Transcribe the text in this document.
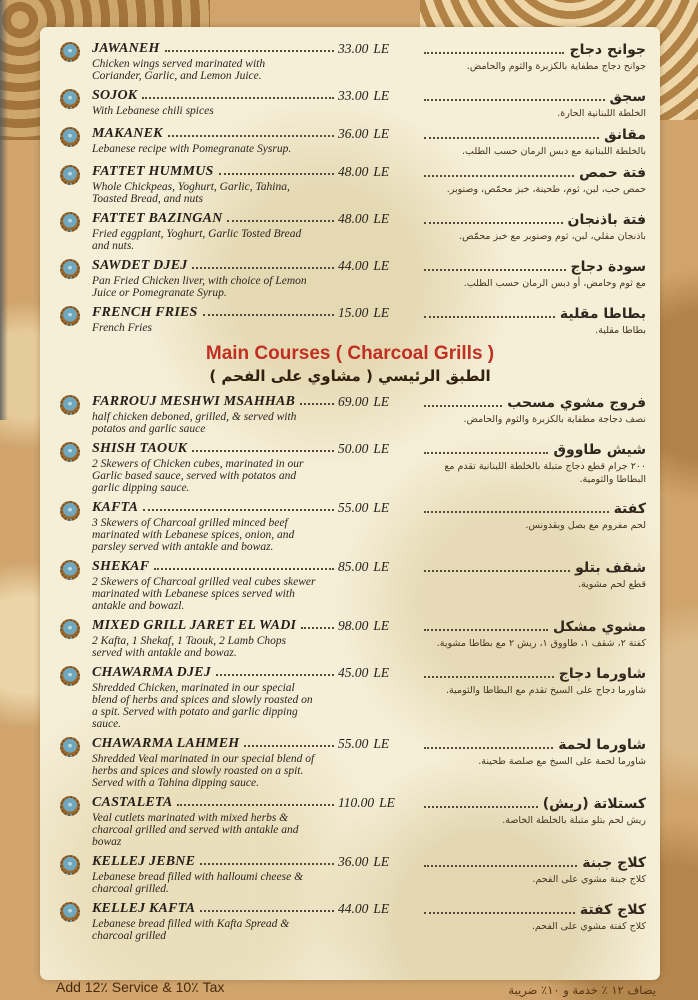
JAWANEH
Chicken wings served marinated with Coriander, Garlic, and Lemon Juice.
33.00 LE	جوانح دجاج
جوانح دجاج مطفاية بالكزبرة والثوم والحامض.
SOJOK
With Lebanese chili spices
33.00 LE	سجق
الخلطة اللبنانية الحارة.
MAKANEK
Lebanese recipe with Pomegranate Sysrup.
36.00 LE	مقانق
بالخلطة اللبنانية مع دبس الرمان حسب الطلب.
FATTET HUMMUS
Whole Chickpeas, Yoghurt, Garlic, Tahina, Toasted Bread, and nuts
48.00 LE	فتة حمص
حمص حب، لبن، ثوم، طحينة، خبز محمّص، وصنوبر.
FATTET BAZINGAN
Fried eggplant, Yoghurt, Garlic Tosted Bread and nuts.
48.00 LE	فتة باذنجان
باذنجان مقلي، لبن، ثوم وصنوبر مع خبز محمّص.
SAWDET DJEJ
Pan Fried Chicken liver, with choice of Lemon Juice or Pomegranate Syrup.
44.00 LE	سودة دجاج
مع ثوم وحامض، أو دبس الرمان حسب الطلب.
FRENCH FRIES
French Fries
15.00 LE	بطاطا مقلية
بطاطا مقلية.
Main Courses ( Charcoal Grills )
الطبق الرئيسي ( مشاوي على الفحم )
FARROUJ MESHWI MSAHHAB
half chicken deboned, grilled, & served with potatos and garlic sauce
69.00 LE	فروج مشوي مسحب
نصف دجاجة مطفاية بالكزبرة والثوم والحامض.
SHISH TAOUK
2 Skewers of Chicken cubes, marinated in our Garlic based sauce, served with potatos and garlic dipping sauce.
50.00 LE	شيش طاووق
٢٠٠ جرام قطع دجاج متبلة بالخلطة اللبنانية تقدم مع البطاطا والثومية.
KAFTA
3 Skewers of Charcoal grilled minced beef marinated with Lebanese spices, onion, and parsley served with antakle and bowaz.
55.00 LE	كفتة
لحم مفروم مع بصل وبقدونس.
SHEKAF
2 Skewers of Charcoal grilled veal cubes skewer marinated with Lebanese spices served with antakle and bowazl.
85.00 LE	شقف بتلو
قطع لحم مشوية.
MIXED GRILL JARET EL WADI
2 Kafta, 1 Shekaf, 1 Taouk, 2 Lamb Chops served with antakle and bowaz.
98.00 LE	مشوي مشكل
كفتة ٢، شقف ١، طاووق ١، ريش ٢ مع بطاطا مشوية.
CHAWARMA DJEJ
Shredded Chicken, marinated in our special blend of herbs and spices and slowly roasted on a spit. Served with potato and garlic dipping sauce.
45.00 LE	شاورما دجاج
شاورما دجاج على السيخ تقدم مع البطاطا والثومية.
CHAWARMA LAHMEH
Shredded Veal marinated in our special blend of herbs and spices and slowly roasted on a spit. Served with a Tahina dipping sauce.
55.00 LE	شاورما لحمة
شاورما لحمة على السيخ مع صلصة طحينة.
CASTALETA
Veal cutlets marinated with mixed herbs & charcoal grilled and served with antakle and bowaz
110.00 LE	كستلاتة (ريش)
ريش لحم بتلو متبلة بالخلطة الخاصة.
KELLEJ JEBNE
Lebanese bread filled with halloumi cheese & charcoal grilled.
36.00 LE	كلاج جبنة
كلاج جبنة مشوي على الفحم.
KELLEJ KAFTA
Lebanese bread filled with Kafta Spread & charcoal grilled
44.00 LE	كلاج كفتة
كلاج كفتة مشوي على الفحم.
Add 12٪ Service & 10٪ Tax	يضاف ١٢ ٪ خدمة و ١٠٪ ضريبة
